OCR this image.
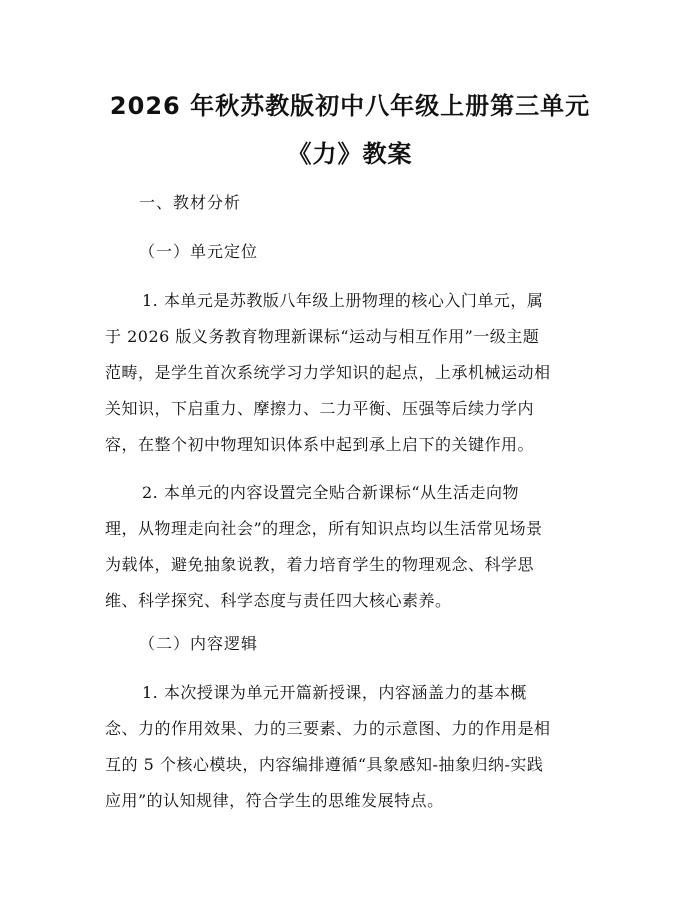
2026 年秋苏教版初中八年级上册第三单元
《力》教案
一、教材分析
（一）单元定位
1. 本单元是苏教版八年级上册物理的核心入门单元，属
于 2026 版义务教育物理新课标“运动与相互作用”一级主题
范畴，是学生首次系统学习力学知识的起点，上承机械运动相
关知识，下启重力、摩擦力、二力平衡、压强等后续力学内
容，在整个初中物理知识体系中起到承上启下的关键作用。
2. 本单元的内容设置完全贴合新课标“从生活走向物
理，从物理走向社会”的理念，所有知识点均以生活常见场景
为载体，避免抽象说教，着力培育学生的物理观念、科学思
维、科学探究、科学态度与责任四大核心素养。
（二）内容逻辑
1. 本次授课为单元开篇新授课，内容涵盖力的基本概
念、力的作用效果、力的三要素、力的示意图、力的作用是相
互的 5 个核心模块，内容编排遵循“具象感知-抽象归纳-实践
应用”的认知规律，符合学生的思维发展特点。
